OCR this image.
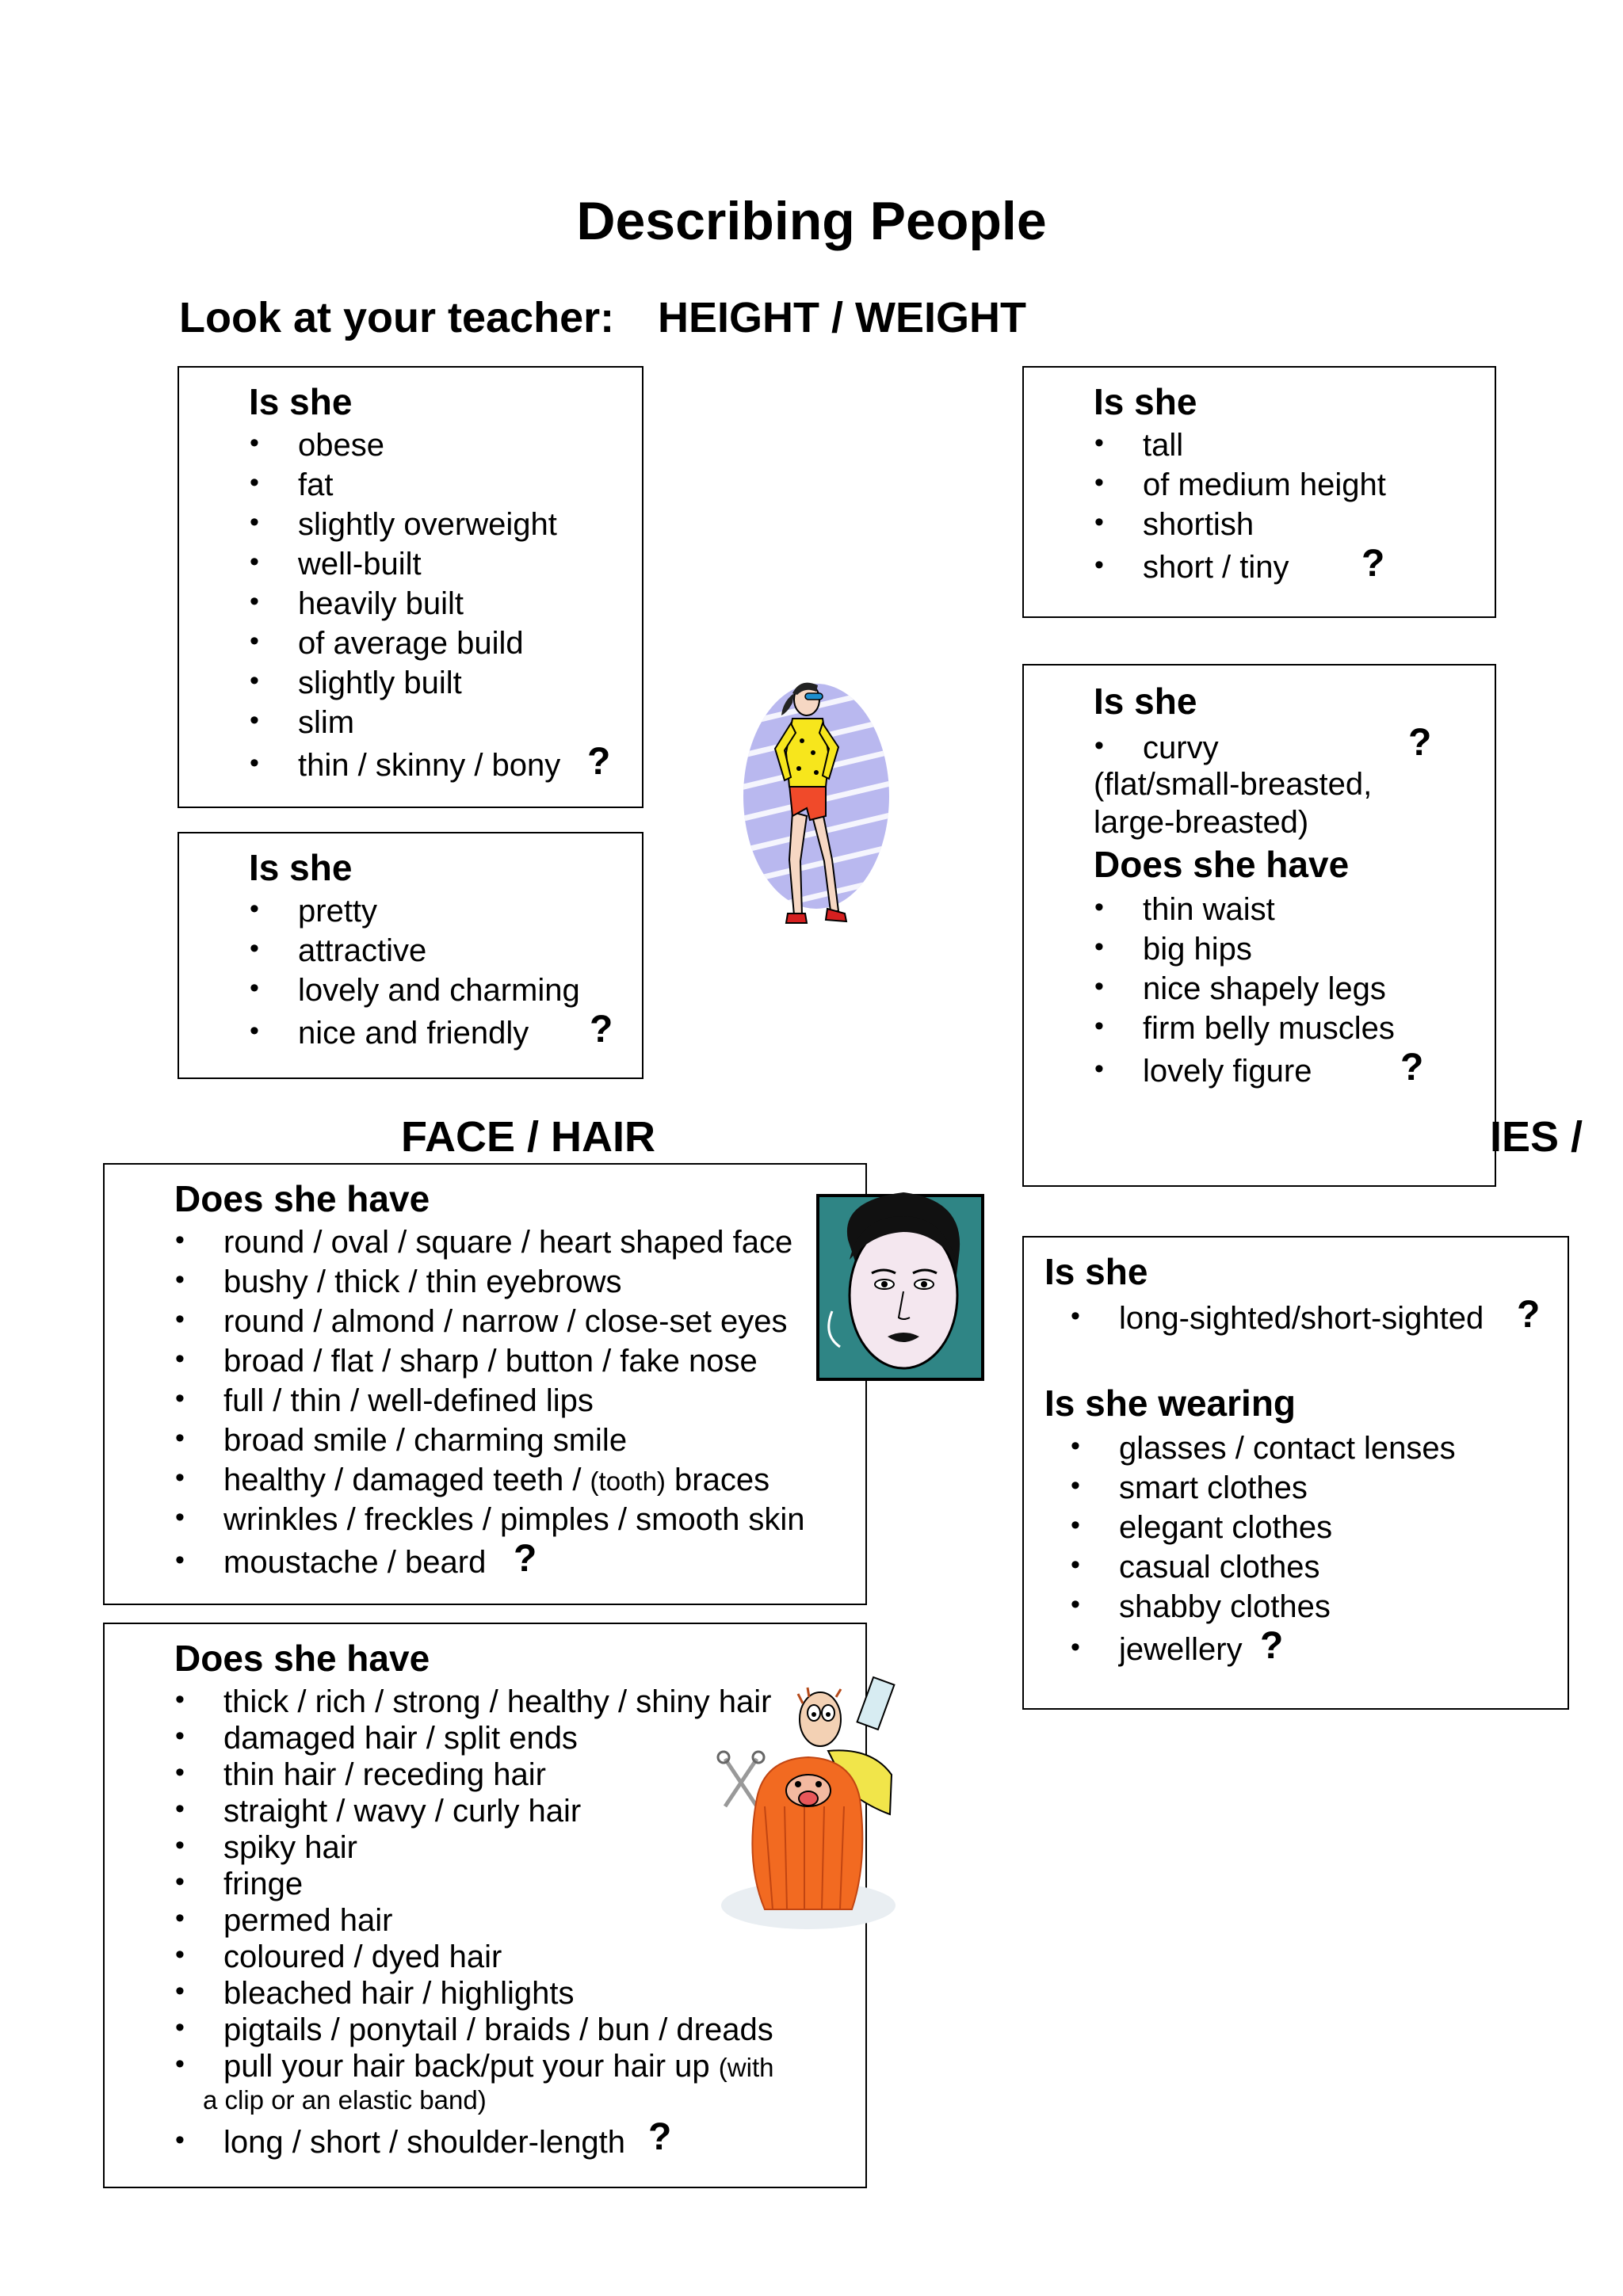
Describing People
Look at your teacher: HEIGHT / WEIGHT
Is she
• obese
• fat
• slightly overweight
• well-built
• heavily built
• of average build
• slightly built
• slim
• thin / skinny / bony ?
Is she
• pretty
• attractive
• lovely and charming
• nice and friendly ?
Is she
• tall
• of medium height
• shortish
• short / tiny ?
Is she
• curvy	?
(flat/small-breasted,
large-breasted)
Does she have
• thin waist
• big hips
• nice shapely legs
• firm belly muscles
• lovely figure ?
FACE / HAIR	IES /
Does she have
• round / oval / square / heart shaped face
• bushy / thick / thin eyebrows
• round / almond / narrow / close-set eyes
• broad / flat / sharp / button / fake nose
• full / thin / well-defined lips
• broad smile / charming smile
• healthy / damaged teeth / (tooth) braces
• wrinkles / freckles / pimples / smooth skin
• moustache / beard ?
Is she
• long-sighted/short-sighted ?
Is she wearing
• glasses / contact lenses
• smart clothes
• elegant clothes
• casual clothes
• shabby clothes
• jewellery ?
Does she have
• thick / rich / strong / healthy / shiny hair
• damaged hair / split ends
• thin hair / receding hair
• straight / wavy / curly hair
• spiky hair
• fringe
• permed hair
• coloured / dyed hair
• bleached hair / highlights
• pigtails / ponytail / braids / bun / dreads
• pull your hair back/put your hair up (with
a clip or an elastic band)
• long / short / shoulder-length ?
